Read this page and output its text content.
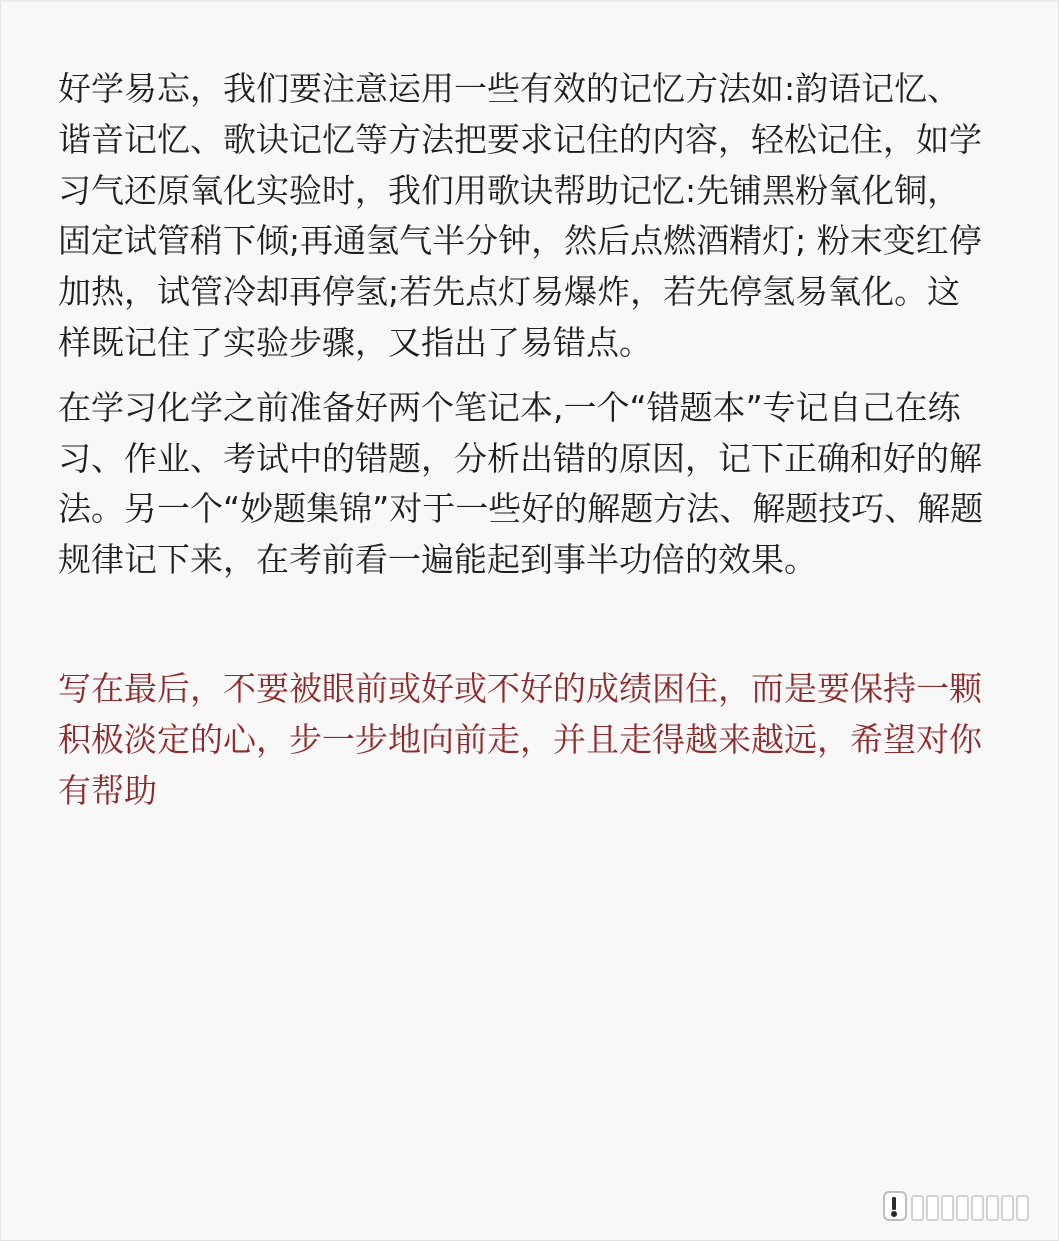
好学易忘，我们要注意运用一些有效的记忆方法如:韵语记忆、谐音记忆、歌诀记忆等方法把要求记住的内容，轻松记住，如学习气还原氧化实验时，我们用歌诀帮助记忆:先铺黑粉氧化铜，固定试管稍下倾;再通氢气半分钟，然后点燃酒精灯; 粉末变红停加热，试管冷却再停氢;若先点灯易爆炸，若先停氢易氧化。这样既记住了实验步骤，又指出了易错点。

在学习化学之前准备好两个笔记本,一个“错题本”专记自己在练习、作业、考试中的错题，分析出错的原因，记下正确和好的解法。另一个“妙题集锦”对于一些好的解题方法、解题技巧、解题规律记下来，在考前看一遍能起到事半功倍的效果。

写在最后，不要被眼前或好或不好的成绩困住，而是要保持一颗积极淡定的心，步一步地向前走，并且走得越来越远，希望对你有帮助
